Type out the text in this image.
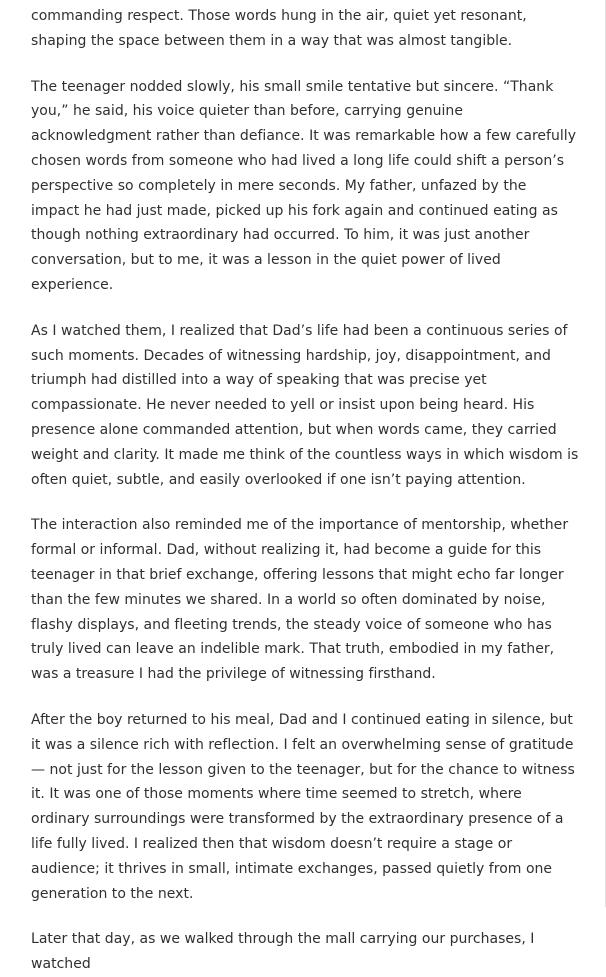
commanding respect. Those words hung in the air, quiet yet resonant, shaping the space between them in a way that was almost tangible.

The teenager nodded slowly, his small smile tentative but sincere. “Thank you,” he said, his voice quieter than before, carrying genuine acknowledgment rather than defiance. It was remarkable how a few carefully chosen words from someone who had lived a long life could shift a person’s perspective so completely in mere seconds. My father, unfazed by the impact he had just made, picked up his fork again and continued eating as though nothing extraordinary had occurred. To him, it was just another conversation, but to me, it was a lesson in the quiet power of lived experience.

As I watched them, I realized that Dad’s life had been a continuous series of such moments. Decades of witnessing hardship, joy, disappointment, and triumph had distilled into a way of speaking that was precise yet compassionate. He never needed to yell or insist upon being heard. His presence alone commanded attention, but when words came, they carried weight and clarity. It made me think of the countless ways in which wisdom is often quiet, subtle, and easily overlooked if one isn’t paying attention.

The interaction also reminded me of the importance of mentorship, whether formal or informal. Dad, without realizing it, had become a guide for this teenager in that brief exchange, offering lessons that might echo far longer than the few minutes we shared. In a world so often dominated by noise, flashy displays, and fleeting trends, the steady voice of someone who has truly lived can leave an indelible mark. That truth, embodied in my father, was a treasure I had the privilege of witnessing firsthand.

After the boy returned to his meal, Dad and I continued eating in silence, but it was a silence rich with reflection. I felt an overwhelming sense of gratitude — not just for the lesson given to the teenager, but for the chance to witness it. It was one of those moments where time seemed to stretch, where ordinary surroundings were transformed by the extraordinary presence of a life fully lived. I realized then that wisdom doesn’t require a stage or audience; it thrives in small, intimate exchanges, passed quietly from one generation to the next.

Later that day, as we walked through the mall carrying our purchases, I watched
